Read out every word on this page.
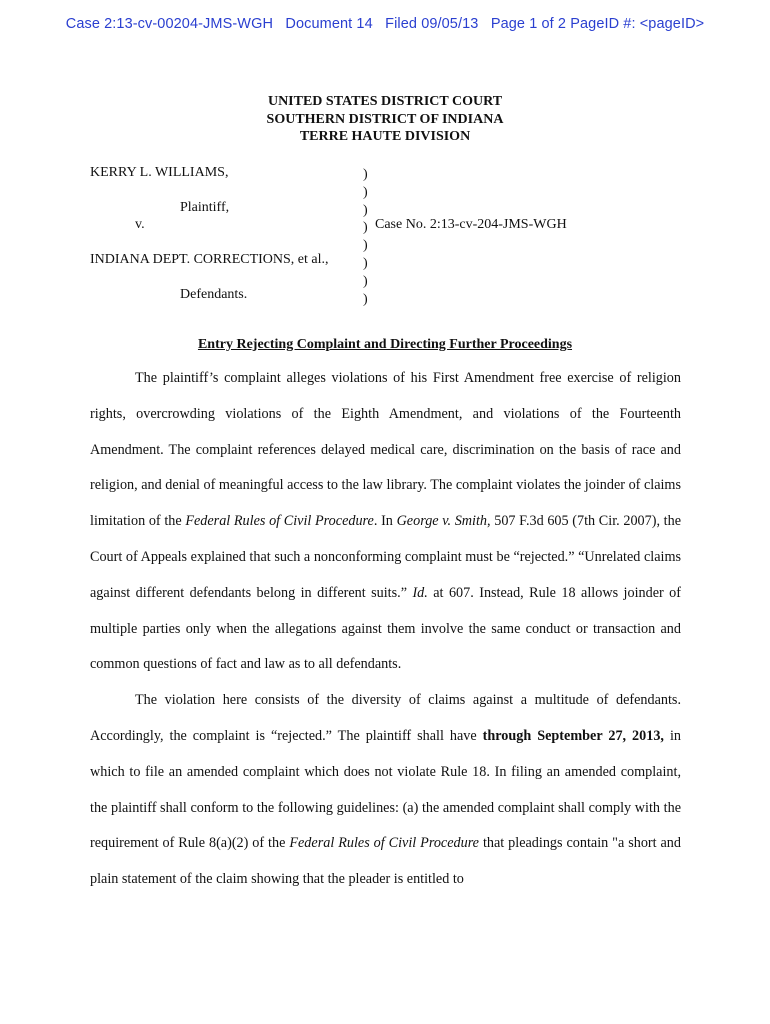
Case 2:13-cv-00204-JMS-WGH   Document 14   Filed 09/05/13   Page 1 of 2 PageID #: <pageID>
UNITED STATES DISTRICT COURT
SOUTHERN DISTRICT OF INDIANA
TERRE HAUTE DIVISION
KERRY L. WILLIAMS,
Plaintiff,
v.
INDIANA DEPT. CORRECTIONS, et al.,
Defendants.
Case No. 2:13-cv-204-JMS-WGH
)
)
)
)
)
)
)
)
Entry Rejecting Complaint and Directing Further Proceedings

The plaintiff’s complaint alleges violations of his First Amendment free exercise of religion rights, overcrowding violations of the Eighth Amendment, and violations of the Fourteenth Amendment. The complaint references delayed medical care, discrimination on the basis of race and religion, and denial of meaningful access to the law library. The complaint violates the joinder of claims limitation of the Federal Rules of Civil Procedure. In George v. Smith, 507 F.3d 605 (7th Cir. 2007), the Court of Appeals explained that such a nonconforming complaint must be “rejected.” “Unrelated claims against different defendants belong in different suits.” Id. at 607. Instead, Rule 18 allows joinder of multiple parties only when the allegations against them involve the same conduct or transaction and common questions of fact and law as to all defendants.

The violation here consists of the diversity of claims against a multitude of defendants. Accordingly, the complaint is “rejected.” The plaintiff shall have through September 27, 2013, in which to file an amended complaint which does not violate Rule 18. In filing an amended complaint, the plaintiff shall conform to the following guidelines: (a) the amended complaint shall comply with the requirement of Rule 8(a)(2) of the Federal Rules of Civil Procedure that pleadings contain "a short and plain statement of the claim showing that the pleader is entitled to
